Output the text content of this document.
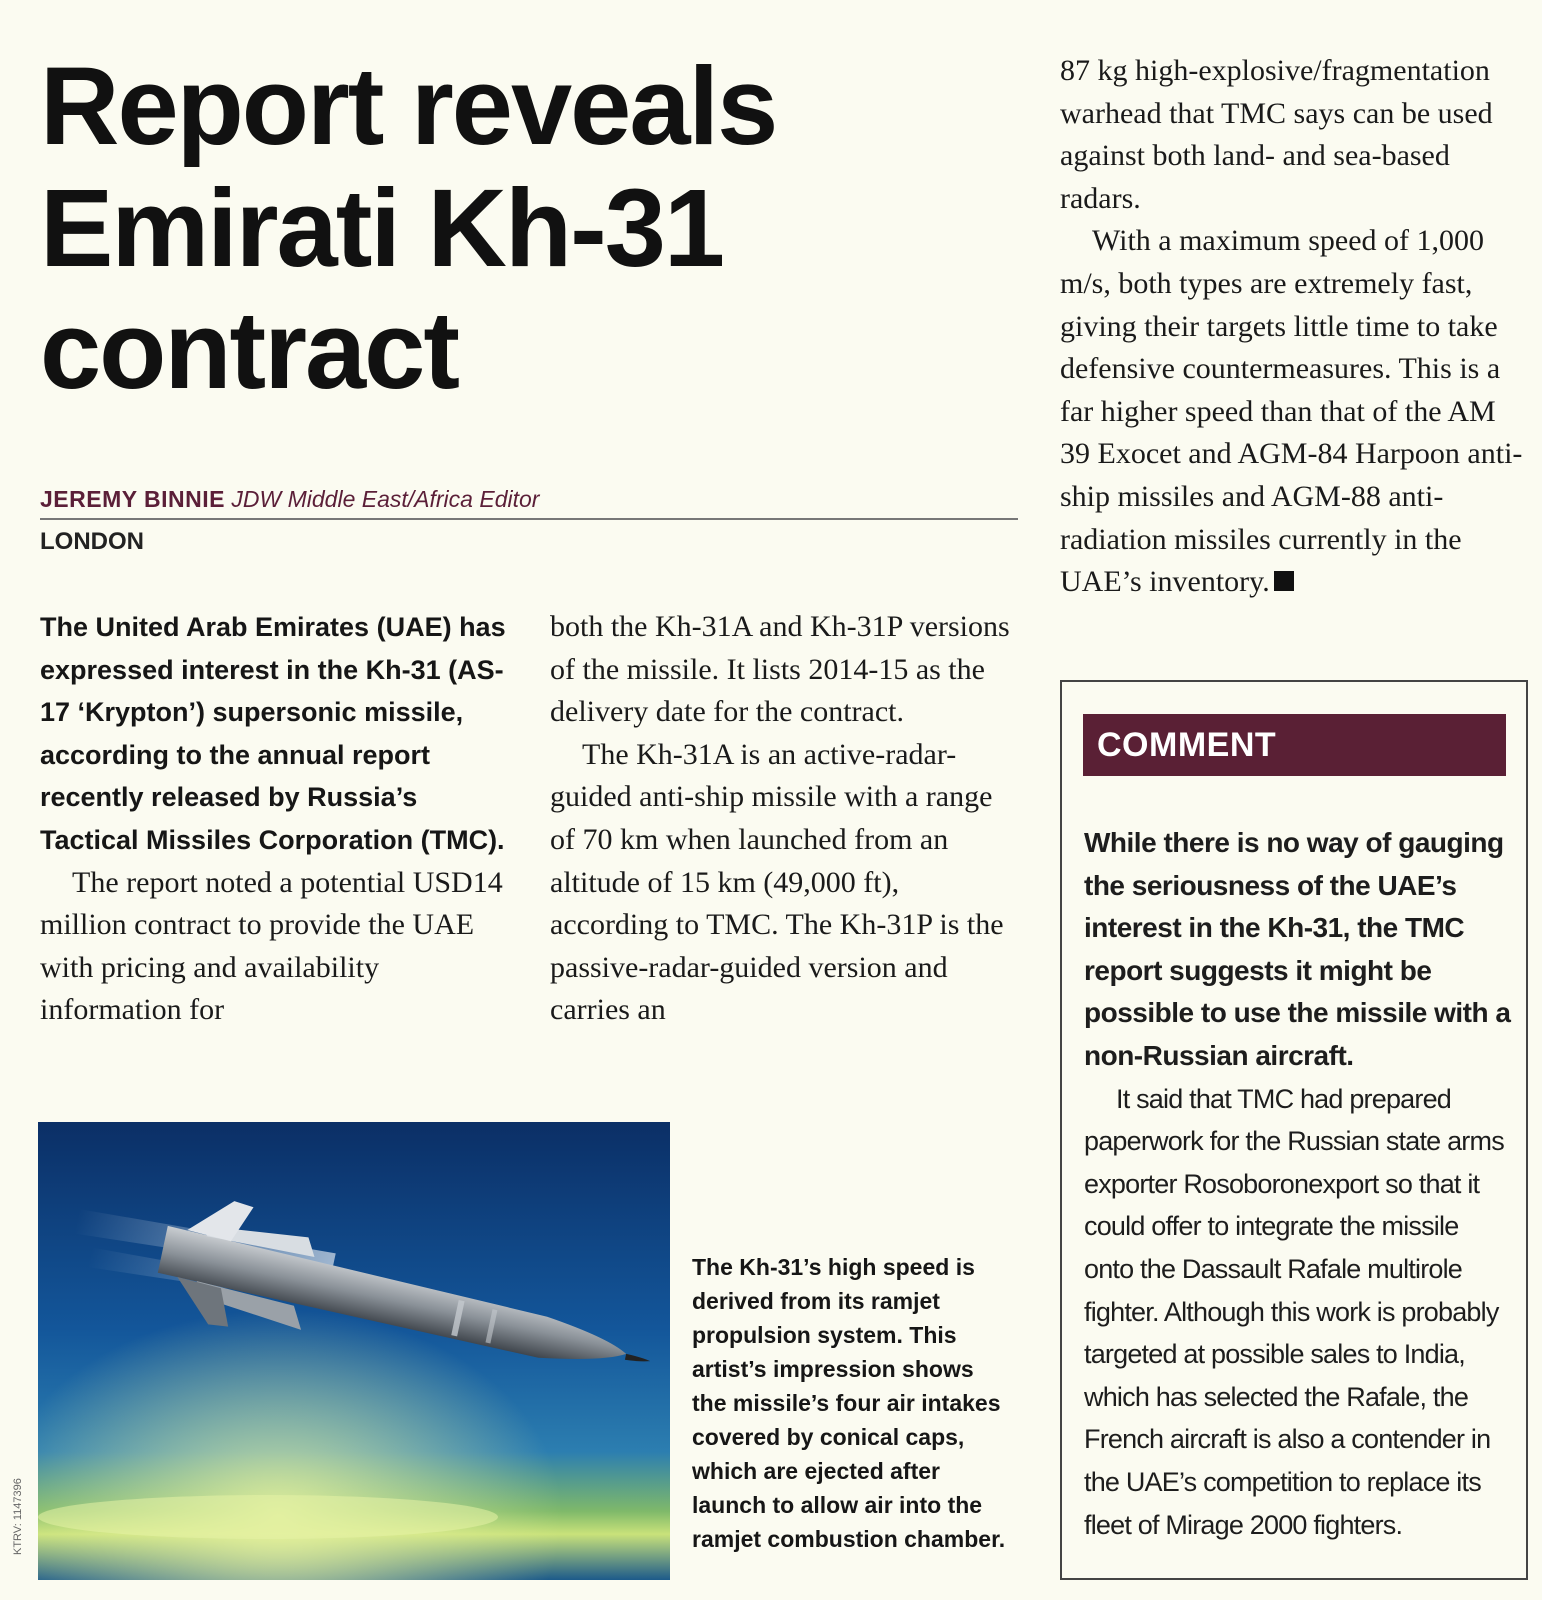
Report reveals
Emirati Kh-31
contract
JEREMY BINNIE JDW Middle East/Africa Editor
LONDON

The United Arab Emirates (UAE) has expressed interest in the Kh-31 (AS-17 ‘Krypton’) supersonic missile, according to the annual report recently released by Russia’s Tactical Missiles Corporation (TMC).

The report noted a potential USD14 million contract to provide the UAE with pricing and availability information for

both the Kh-31A and Kh-31P versions of the missile. It lists 2014-15 as the delivery date for the contract.

The Kh-31A is an active-radar-guided anti-ship missile with a range of 70 km when launched from an altitude of 15 km (49,000 ft), according to TMC. The Kh-31P is the passive-radar-guided version and carries an

87 kg high-explosive/fragmentation warhead that TMC says can be used against both land- and sea-based radars.

With a maximum speed of 1,000 m/s, both types are extremely fast, giving their targets little time to take defensive countermeasures. This is a far higher speed than that of the AM 39 Exocet and AGM-84 Harpoon anti-ship missiles and AGM-88 anti-radiation missiles currently in the UAE’s inventory.

KTRV: 1147396
The Kh-31’s high speed is derived from its ramjet propulsion system. This artist’s impression shows the missile’s four air intakes covered by conical caps, which are ejected after launch to allow air into the ramjet combustion chamber.
COMMENT

While there is no way of gauging the seriousness of the UAE’s interest in the Kh-31, the TMC report suggests it might be possible to use the missile with a non-Russian aircraft.

It said that TMC had prepared paperwork for the Russian state arms exporter Rosoboronexport so that it could offer to integrate the missile onto the Dassault Rafale multirole fighter. Although this work is probably targeted at possible sales to India, which has selected the Rafale, the French aircraft is also a contender in the UAE’s competition to replace its fleet of Mirage 2000 fighters.
